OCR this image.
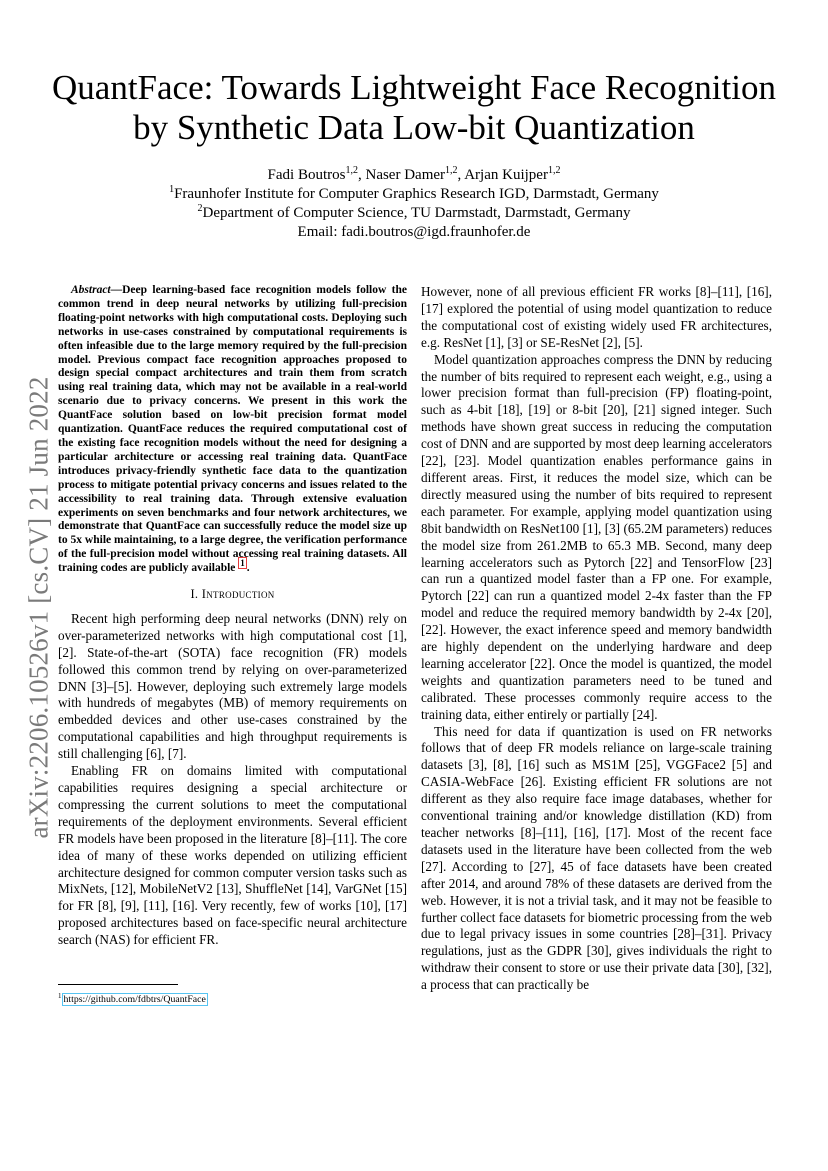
arXiv:2206.10526v1 [cs.CV] 21 Jun 2022
QuantFace: Towards Lightweight Face Recognition
by Synthetic Data Low-bit Quantization
Fadi Boutros$^{1,2}$, Naser Damer$^{1,2}$, Arjan Kuijper$^{1,2}$
$^1$Fraunhofer Institute for Computer Graphics Research IGD, Darmstadt, Germany
$^2$Department of Computer Science, TU Darmstadt, Darmstadt, Germany
Email: fadi.boutros@igd.fraunhofer.de

Abstract—Deep learning-based face recognition models follow the common trend in deep neural networks by utilizing full-precision floating-point networks with high computational costs. Deploying such networks in use-cases constrained by computational requirements is often infeasible due to the large memory required by the full-precision model. Previous compact face recognition approaches proposed to design special compact architectures and train them from scratch using real training data, which may not be available in a real-world scenario due to privacy concerns. We present in this work the QuantFace solution based on low-bit precision format model quantization. QuantFace reduces the required computational cost of the existing face recognition models without the need for designing a particular architecture or accessing real training data. QuantFace introduces privacy-friendly synthetic face data to the quantization process to mitigate potential privacy concerns and issues related to the accessibility to real training data. Through extensive evaluation experiments on seven benchmarks and four network architectures, we demonstrate that QuantFace can successfully reduce the model size up to 5x while maintaining, to a large degree, the verification performance of the full-precision model without accessing real training datasets. All training codes are publicly available $^1$ .

I. Introduction

Recent high performing deep neural networks (DNN) rely on over-parameterized networks with high computational cost [1], [2]. State-of-the-art (SOTA) face recognition (FR) models followed this common trend by relying on over-parameterized DNN [3]–[5]. However, deploying such extremely large models with hundreds of megabytes (MB) of memory requirements on embedded devices and other use-cases constrained by the computational capabilities and high throughput requirements is still challenging [6], [7].

Enabling FR on domains limited with computational capabilities requires designing a special architecture or compressing the current solutions to meet the computational requirements of the deployment environments. Several efficient FR models have been proposed in the literature [8]–[11]. The core idea of many of these works depended on utilizing efficient architecture designed for common computer version tasks such as MixNets, [12], MobileNetV2 [13], ShuffleNet [14], VarGNet [15] for FR [8], [9], [11], [16]. Very recently, few of works [10], [17] proposed architectures based on face-specific neural architecture search (NAS) for efficient FR.

However, none of all previous efficient FR works [8]–[11], [16], [17] explored the potential of using model quantization to reduce the computational cost of existing widely used FR architectures, e.g. ResNet [1], [3] or SE-ResNet [2], [5].

Model quantization approaches compress the DNN by reducing the number of bits required to represent each weight, e.g., using a lower precision format than full-precision (FP) floating-point, such as 4-bit [18], [19] or 8-bit [20], [21] signed integer. Such methods have shown great success in reducing the computation cost of DNN and are supported by most deep learning accelerators [22], [23]. Model quantization enables performance gains in different areas. First, it reduces the model size, which can be directly measured using the number of bits required to represent each parameter. For example, applying model quantization using 8bit bandwidth on ResNet100 [1], [3] (65.2M parameters) reduces the model size from 261.2MB to 65.3 MB. Second, many deep learning accelerators such as Pytorch [22] and TensorFlow [23] can run a quantized model faster than a FP one. For example, Pytorch [22] can run a quantized model 2-4x faster than the FP model and reduce the required memory bandwidth by 2-4x [20], [22]. However, the exact inference speed and memory bandwidth are highly dependent on the underlying hardware and deep learning accelerator [22]. Once the model is quantized, the model weights and quantization parameters need to be tuned and calibrated. These processes commonly require access to the training data, either entirely or partially [24].

This need for data if quantization is used on FR networks follows that of deep FR models reliance on large-scale training datasets [3], [8], [16] such as MS1M [25], VGGFace2 [5] and CASIA-WebFace [26]. Existing efficient FR solutions are not different as they also require face image databases, whether for conventional training and/or knowledge distillation (KD) from teacher networks [8]–[11], [16], [17]. Most of the recent face datasets used in the literature have been collected from the web [27]. According to [27], 45 of face datasets have been created after 2014, and around 78% of these datasets are derived from the web. However, it is not a trivial task, and it may not be feasible to further collect face datasets for biometric processing from the web due to legal privacy issues in some countries [28]–[31]. Privacy regulations, just as the GDPR [30], gives individuals the right to withdraw their consent to store or use their private data [30], [32], a process that can practically be

$^1$ https://github.com/fdbtrs/QuantFace
